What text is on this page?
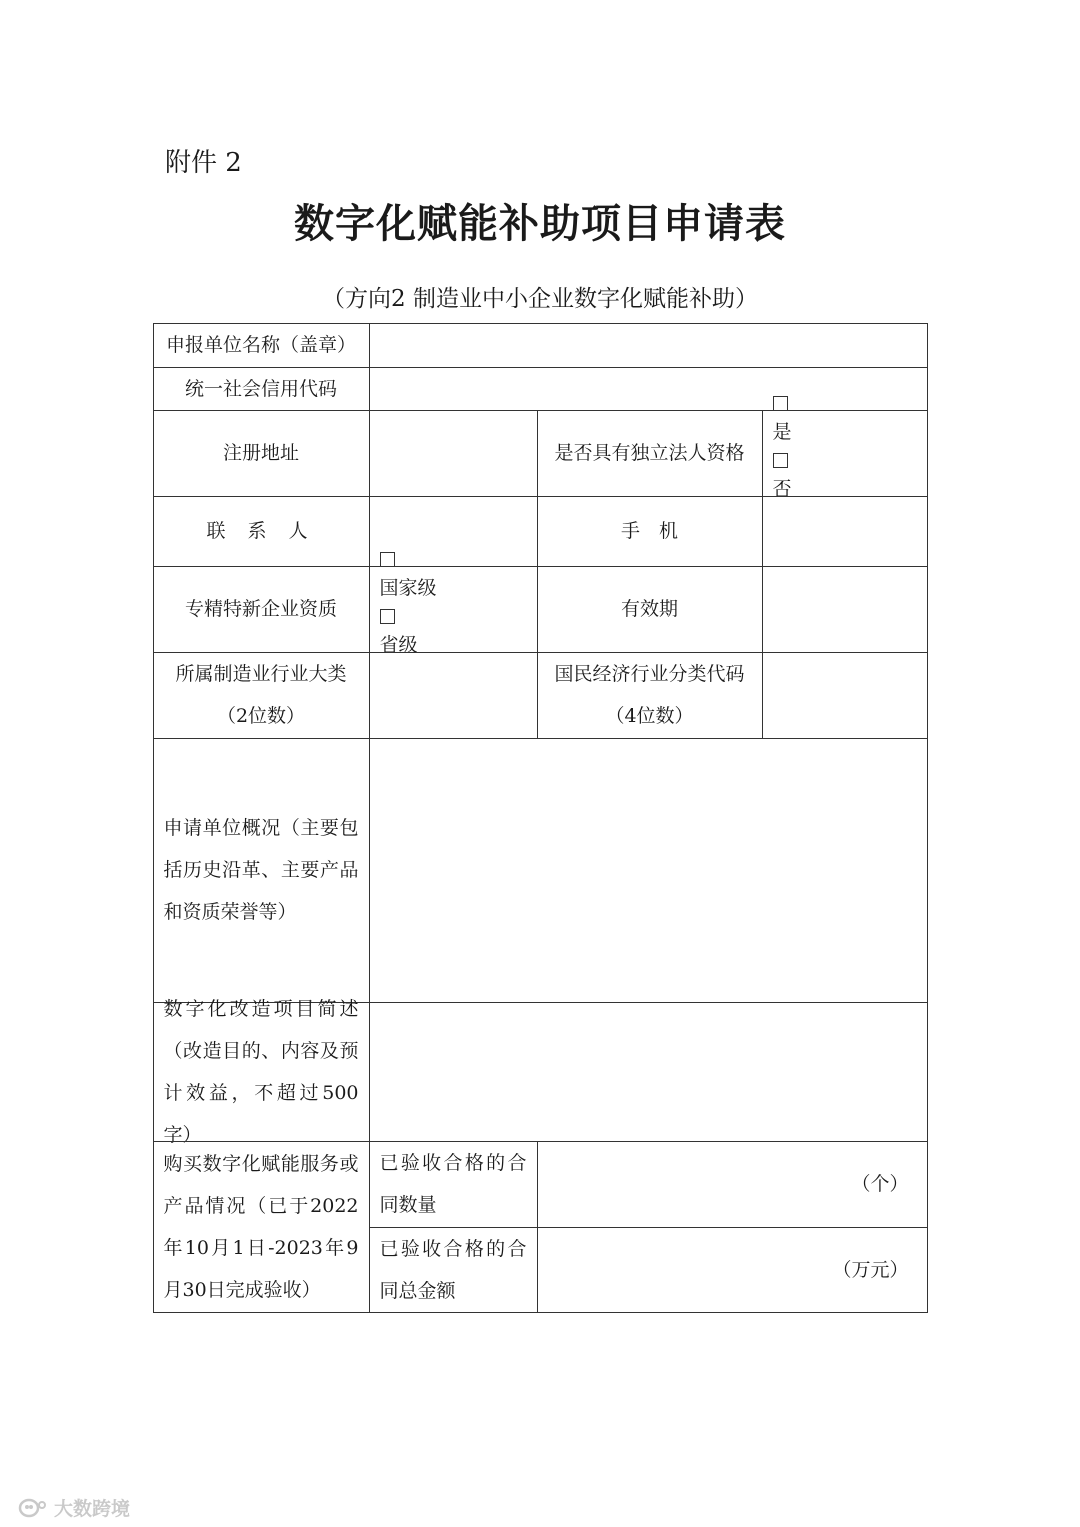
附件 2
数字化赋能补助项目申请表
（方向2 制造业中小企业数字化赋能补助）
申报单位名称（盖章）
统一社会信用代码
注册地址	是否具有独立法人资格
是
否
联 系 人	手　机
专精特新企业资质
国家级
省级
有效期
所属制造业行业大类
（2位数）
国民经济行业分类代码
（4位数）
申请单位概况（主要包括历史沿革、主要产品和资质荣誉等）
数字化改造项目简述（改造目的、内容及预计效益，不超过500字）
购买数字化赋能服务或产品情况（已于2022年10月1日-2023年9月30日完成验收）
已验收合格的合同数量
（个）
已验收合格的合同总金额
（万元）
大数跨境
